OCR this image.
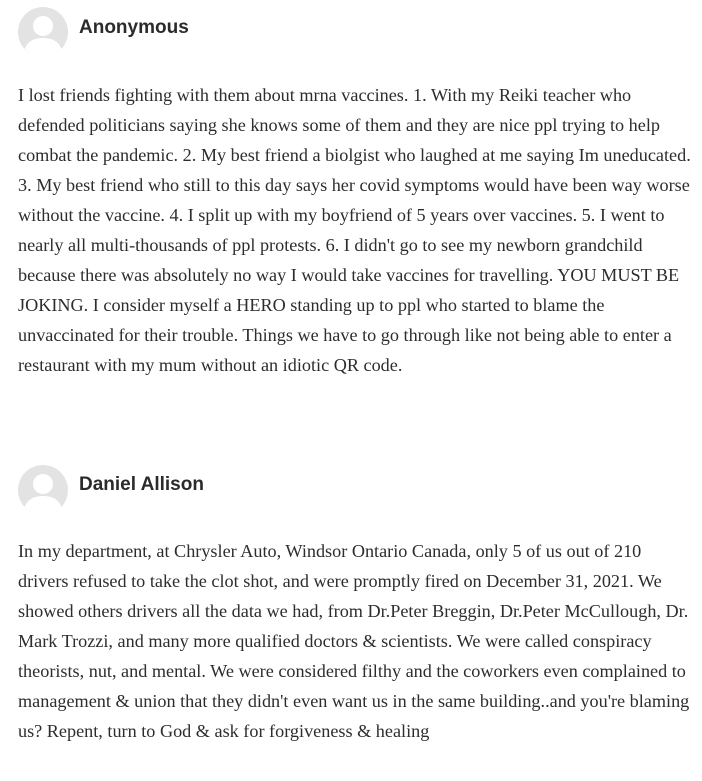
Anonymous

I lost friends fighting with them about mrna vaccines. 1. With my Reiki teacher who defended politicians saying she knows some of them and they are nice ppl trying to help combat the pandemic. 2. My best friend a biolgist who laughed at me saying Im uneducated. 3. My best friend who still to this day says her covid symptoms would have been way worse without the vaccine. 4. I split up with my boyfriend of 5 years over vaccines. 5. I went to nearly all multi-thousands of ppl protests. 6. I didn't go to see my newborn grandchild because there was absolutely no way I would take vaccines for travelling. YOU MUST BE JOKING. I consider myself a HERO standing up to ppl who started to blame the unvaccinated for their trouble. Things we have to go through like not being able to enter a restaurant with my mum without an idiotic QR code.

Daniel Allison

In my department, at Chrysler Auto, Windsor Ontario Canada, only 5 of us out of 210 drivers refused to take the clot shot, and were promptly fired on December 31, 2021. We showed others drivers all the data we had, from Dr.Peter Breggin, Dr.Peter McCullough, Dr. Mark Trozzi, and many more qualified doctors & scientists. We were called conspiracy theorists, nut, and mental. We were considered filthy and the coworkers even complained to management & union that they didn't even want us in the same building..and you're blaming us? Repent, turn to God & ask for forgiveness & healing
